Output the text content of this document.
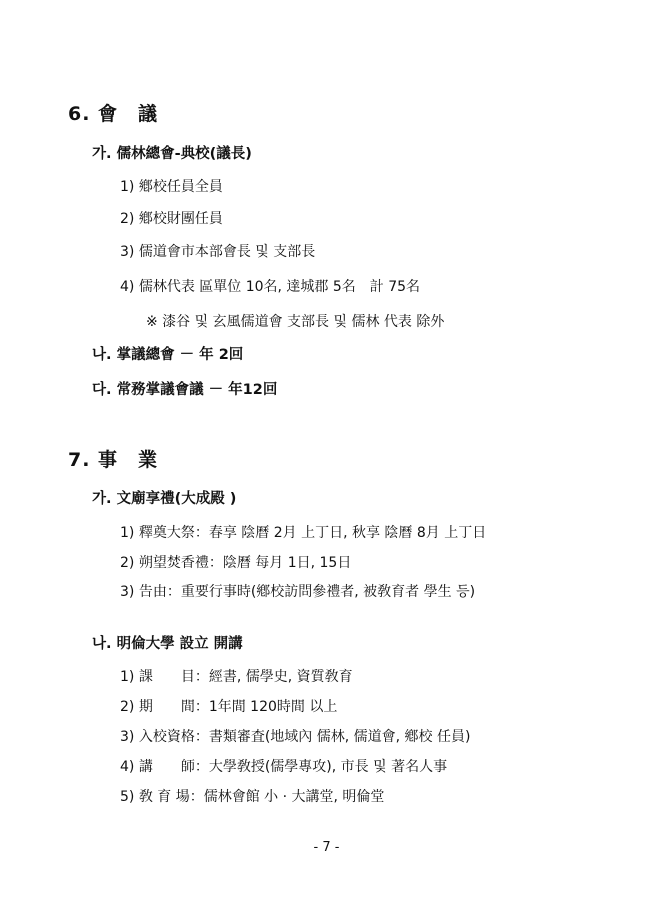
6. 會　議
가. 儒林總會-典校(議長)
1) 鄕校任員全員
2) 鄕校財團任員
3) 儒道會市本部會長 및 支部長
4) 儒林代表 區單位 10名, 達城郡 5名　計 75名
※ 漆谷 및 玄風儒道會 支部長 및 儒林 代表 除外
나. 掌議總會 － 年 2回
다. 常務掌議會議 － 年12回
7. 事　業
가. 文廟享禮(大成殿 )
1) 釋奠大祭：春享 陰曆 2月 上丁日, 秋享 陰曆 8月 上丁日
2) 朔望焚香禮：陰曆 每月 1日, 15日
3) 告由：重要行事時(鄕校訪問參禮者, 被敎育者 學生 등)
나. 明倫大學 設立 開講
1) 課　　目：經書, 儒學史, 資質敎育
2) 期　　間：1年間 120時間 以上
3) 入校資格：書類審査(地域內 儒林, 儒道會, 鄕校 任員)
4) 講　　師：大學敎授(儒學專攻), 市長 및 著名人事
5) 敎 育 場：儒林會館 小 · 大講堂, 明倫堂
- 7 -
